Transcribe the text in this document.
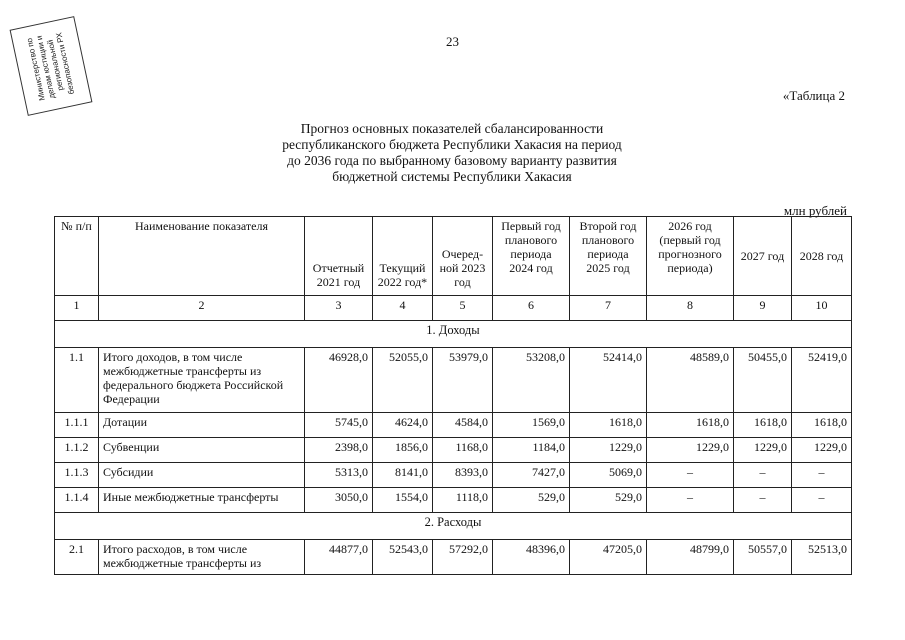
Министерство по делам юстиции и региональной безопасности РХ	23
«Таблица 2
Прогноз основных показателей сбалансированности
республиканского бюджета Республики Хакасия на период
до 2036 года по выбранному базовому варианту развития
бюджетной системы Республики Хакасия
млн рублей
№ п/п	Наименование показателя	Отчетный 2021 год	Текущий 2022 год*	Очеред-ной 2023 год	Первый год планового периода 2024 год	Второй год планового периода 2025 год	2026 год (первый год прогнозного периода)	2027 год	2028 год
1	2	3	4	5	6	7	8	9	10
1. Доходы									
1.1	Итого доходов, в том числе межбюджетные трансферты из федерального бюджета Российской Федерации	46928,0	52055,0	53979,0	53208,0	52414,0	48589,0	50455,0	52419,0
1.1.1	Дотации	5745,0	4624,0	4584,0	1569,0	1618,0	1618,0	1618,0	1618,0
1.1.2	Субвенции	2398,0	1856,0	1168,0	1184,0	1229,0	1229,0	1229,0	1229,0
1.1.3	Субсидии	5313,0	8141,0	8393,0	7427,0	5069,0	–	–	–
1.1.4	Иные межбюджетные трансферты	3050,0	1554,0	1118,0	529,0	529,0	–	–	–
2. Расходы									
2.1	Итого расходов, в том числе межбюджетные трансферты из	44877,0	52543,0	57292,0	48396,0	47205,0	48799,0	50557,0	52513,0
